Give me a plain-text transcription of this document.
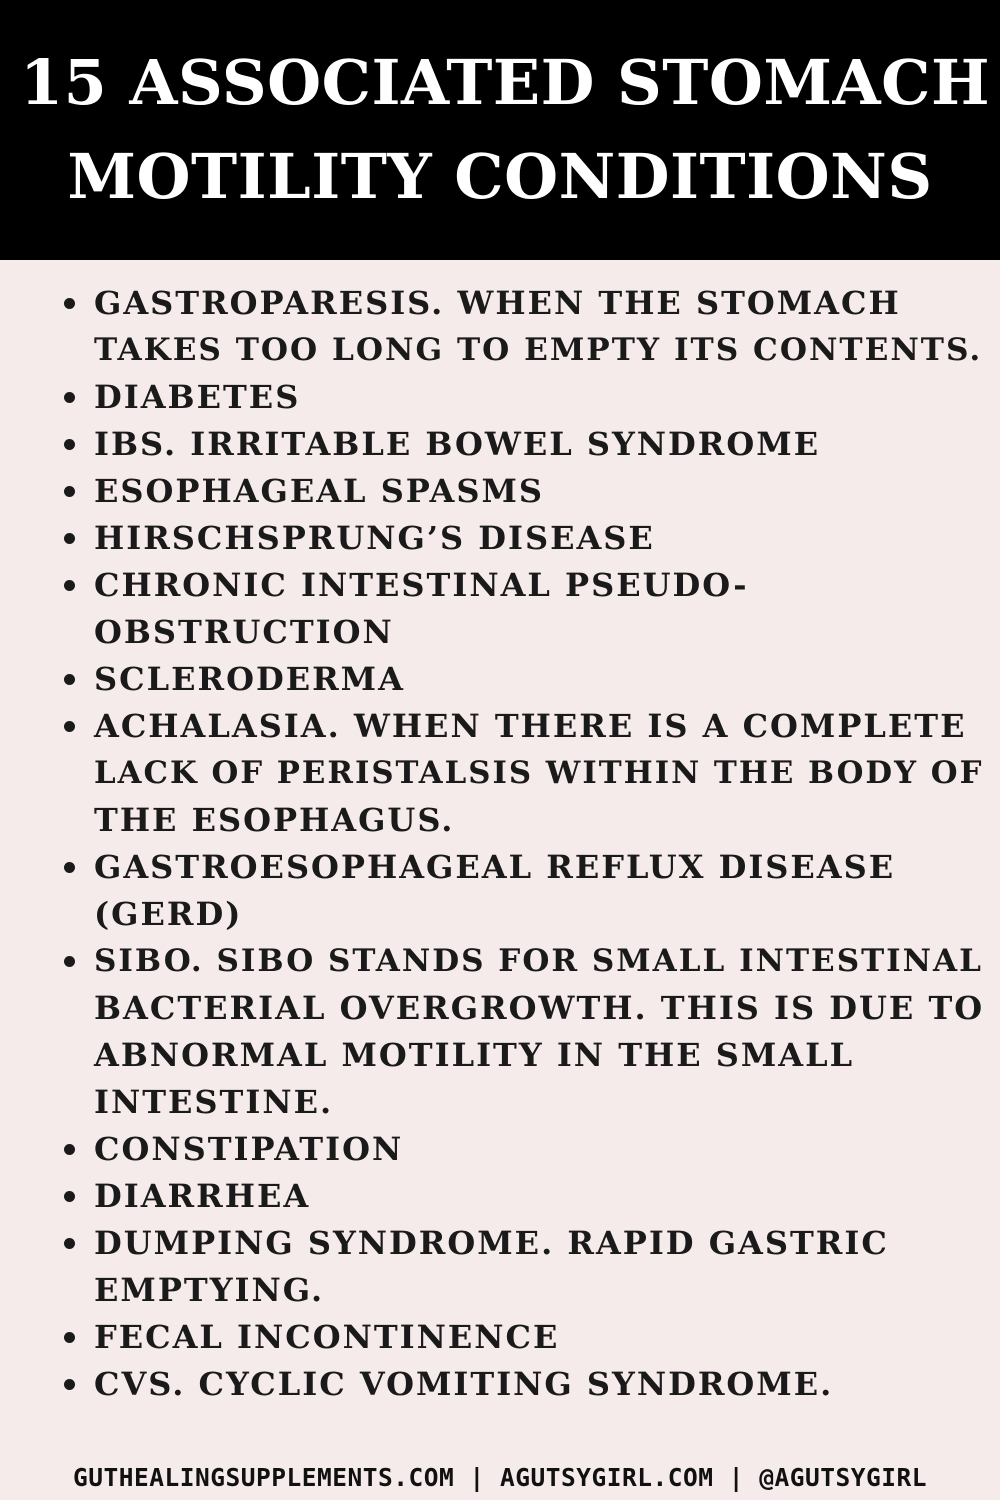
15 ASSOCIATED STOMACH
MOTILITY CONDITIONS
GASTROPARESIS. WHEN THE STOMACH
TAKES TOO LONG TO EMPTY ITS CONTENTS.
DIABETES
IBS. IRRITABLE BOWEL SYNDROME
ESOPHAGEAL SPASMS
HIRSCHSPRUNG’S DISEASE
CHRONIC INTESTINAL PSEUDO-
OBSTRUCTION
SCLERODERMA
ACHALASIA. WHEN THERE IS A COMPLETE
LACK OF PERISTALSIS WITHIN THE BODY OF
THE ESOPHAGUS.
GASTROESOPHAGEAL REFLUX DISEASE
(GERD)
SIBO. SIBO STANDS FOR SMALL INTESTINAL
BACTERIAL OVERGROWTH. THIS IS DUE TO
ABNORMAL MOTILITY IN THE SMALL
INTESTINE.
CONSTIPATION
DIARRHEA
DUMPING SYNDROME. RAPID GASTRIC
EMPTYING.
FECAL INCONTINENCE
CVS. CYCLIC VOMITING SYNDROME.
GUTHEALINGSUPPLEMENTS.COM | AGUTSYGIRL.COM | @AGUTSYGIRL
